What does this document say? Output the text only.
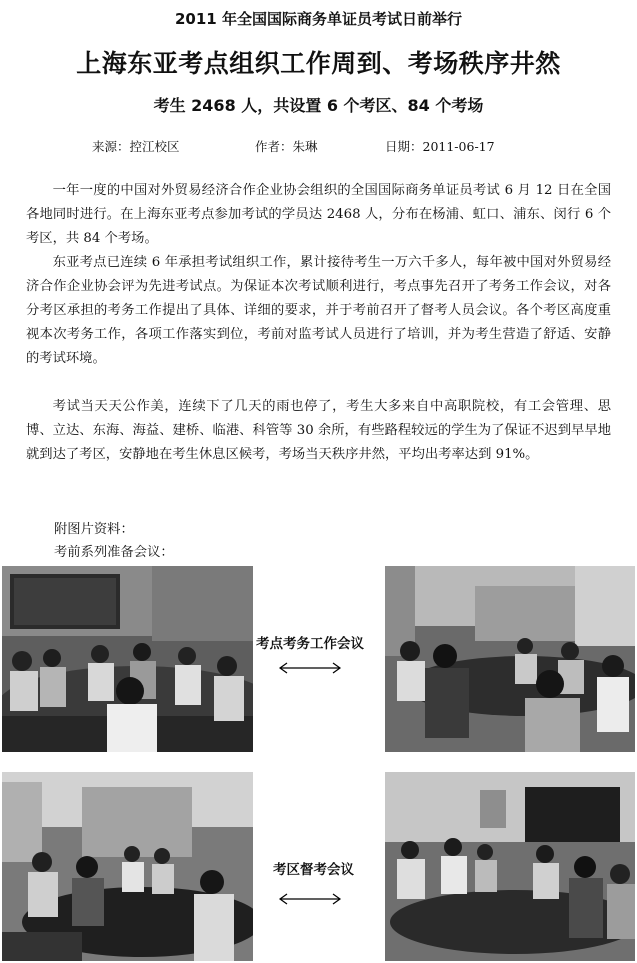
2011 年全国国际商务单证员考试日前举行
上海东亚考点组织工作周到、考场秩序井然
考生 2468 人，共设置 6 个考区、84 个考场
来源：控江校区	作者：朱琳	日期：2011-06-17
一年一度的中国对外贸易经济合作企业协会组织的全国国际商务单证员考试 6 月 12 日在全国各地同时进行。在上海东亚考点参加考试的学员达 2468 人，分布在杨浦、虹口、浦东、闵行 6 个考区，共 84 个考场。
东亚考点已连续 6 年承担考试组织工作，累计接待考生一万六千多人，每年被中国对外贸易经济合作企业协会评为先进考试点。为保证本次考试顺利进行，考点事先召开了考务工作会议，对各分考区承担的考务工作提出了具体、详细的要求，并于考前召开了督考人员会议。各个考区高度重视本次考务工作，各项工作落实到位，考前对监考试人员进行了培训，并为考生营造了舒适、安静的考试环境。
考试当天天公作美，连续下了几天的雨也停了，考生大多来自中高职院校，有工会管理、思博、立达、东海、海益、建桥、临港、科管等 30 余所，有些路程较远的学生为了保证不迟到早早地就到达了考区，安静地在考生休息区候考，考场当天秩序井然，平均出考率达到 91%。
附图片资料：
考前系列准备会议：
考点考务工作会议
考区督考会议
